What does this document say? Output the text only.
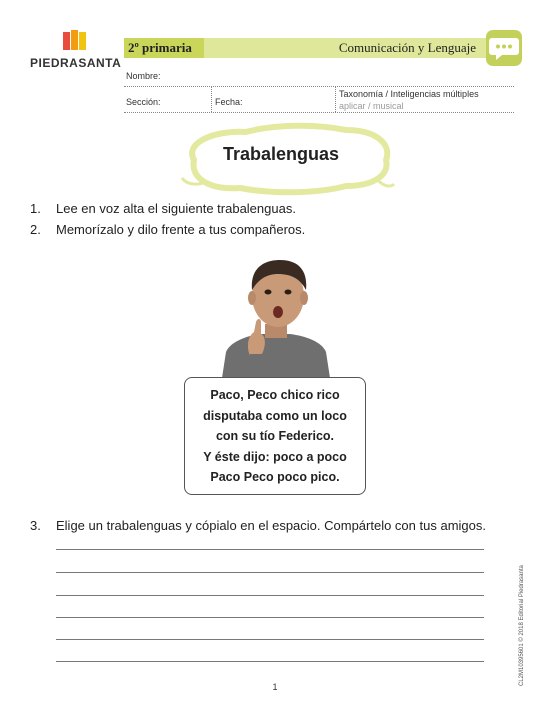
PIEDRASANTA
2º primaria	Comunicación y Lenguaje
Nombre:
Sección:	Fecha:
Taxonomía / Inteligencias múltiples
aplicar / musical
Trabalenguas
1. Lee en voz alta el siguiente trabalenguas.
2. Memorízalo y dilo frente a tus compañeros.
Paco, Peco chico rico
disputaba como un loco
con su tío Federico.
Y éste dijo: poco a poco
Paco Peco poco pico.
3. Elige un trabalenguas y cópialo en el espacio. Compártelo con tus amigos.
CL2M10395601 © 2018 Editorial Piedrasanta
1
